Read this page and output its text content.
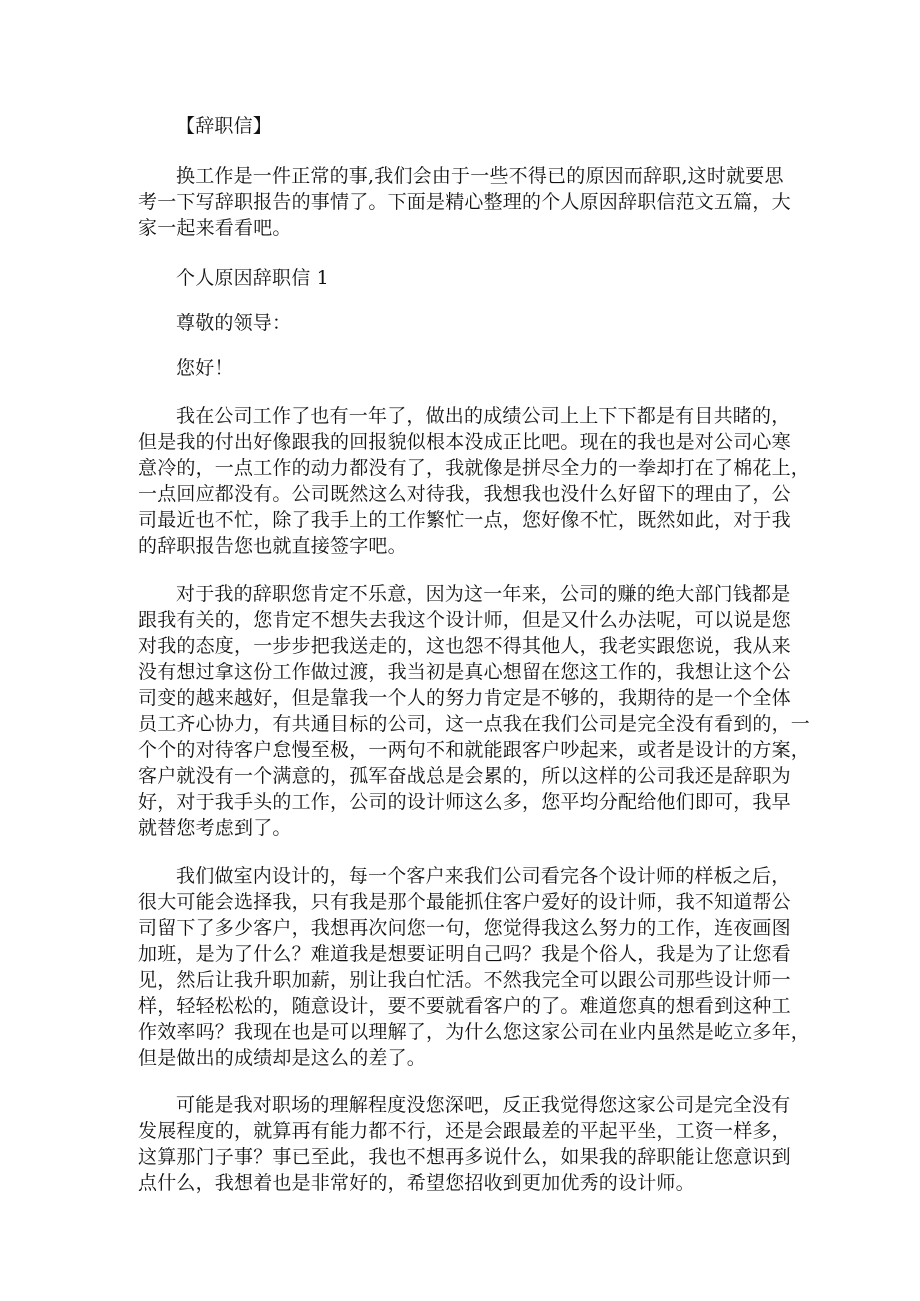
【辞职信】
换工作是一件正常的事,我们会由于一些不得已的原因而辞职,这时就要思
考一下写辞职报告的事情了。下面是精心整理的个人原因辞职信范文五篇，大
家一起来看看吧。
个人原因辞职信 1
尊敬的领导：
您好！
我在公司工作了也有一年了，做出的成绩公司上上下下都是有目共睹的，
但是我的付出好像跟我的回报貌似根本没成正比吧。现在的我也是对公司心寒
意冷的，一点工作的动力都没有了，我就像是拼尽全力的一拳却打在了棉花上，
一点回应都没有。公司既然这么对待我，我想我也没什么好留下的理由了，公
司最近也不忙，除了我手上的工作繁忙一点，您好像不忙，既然如此，对于我
的辞职报告您也就直接签字吧。
对于我的辞职您肯定不乐意，因为这一年来，公司的赚的绝大部门钱都是
跟我有关的，您肯定不想失去我这个设计师，但是又什么办法呢，可以说是您
对我的态度，一步步把我送走的，这也怨不得其他人，我老实跟您说，我从来
没有想过拿这份工作做过渡，我当初是真心想留在您这工作的，我想让这个公
司变的越来越好，但是靠我一个人的努力肯定是不够的，我期待的是一个全体
员工齐心协力，有共通目标的公司，这一点我在我们公司是完全没有看到的，一
个个的对待客户怠慢至极，一两句不和就能跟客户吵起来，或者是设计的方案，
客户就没有一个满意的，孤军奋战总是会累的，所以这样的公司我还是辞职为
好，对于我手头的工作，公司的设计师这么多，您平均分配给他们即可，我早
就替您考虑到了。
我们做室内设计的，每一个客户来我们公司看完各个设计师的样板之后，
很大可能会选择我，只有我是那个最能抓住客户爱好的设计师，我不知道帮公
司留下了多少客户，我想再次问您一句，您觉得我这么努力的工作，连夜画图
加班，是为了什么？难道我是想要证明自己吗？我是个俗人，我是为了让您看
见，然后让我升职加薪，别让我白忙活。不然我完全可以跟公司那些设计师一
样，轻轻松松的，随意设计，要不要就看客户的了。难道您真的想看到这种工
作效率吗？我现在也是可以理解了，为什么您这家公司在业内虽然是屹立多年，
但是做出的成绩却是这么的差了。
可能是我对职场的理解程度没您深吧，反正我觉得您这家公司是完全没有
发展程度的，就算再有能力都不行，还是会跟最差的平起平坐，工资一样多，
这算那门子事？事已至此，我也不想再多说什么，如果我的辞职能让您意识到
点什么，我想着也是非常好的，希望您招收到更加优秀的设计师。
